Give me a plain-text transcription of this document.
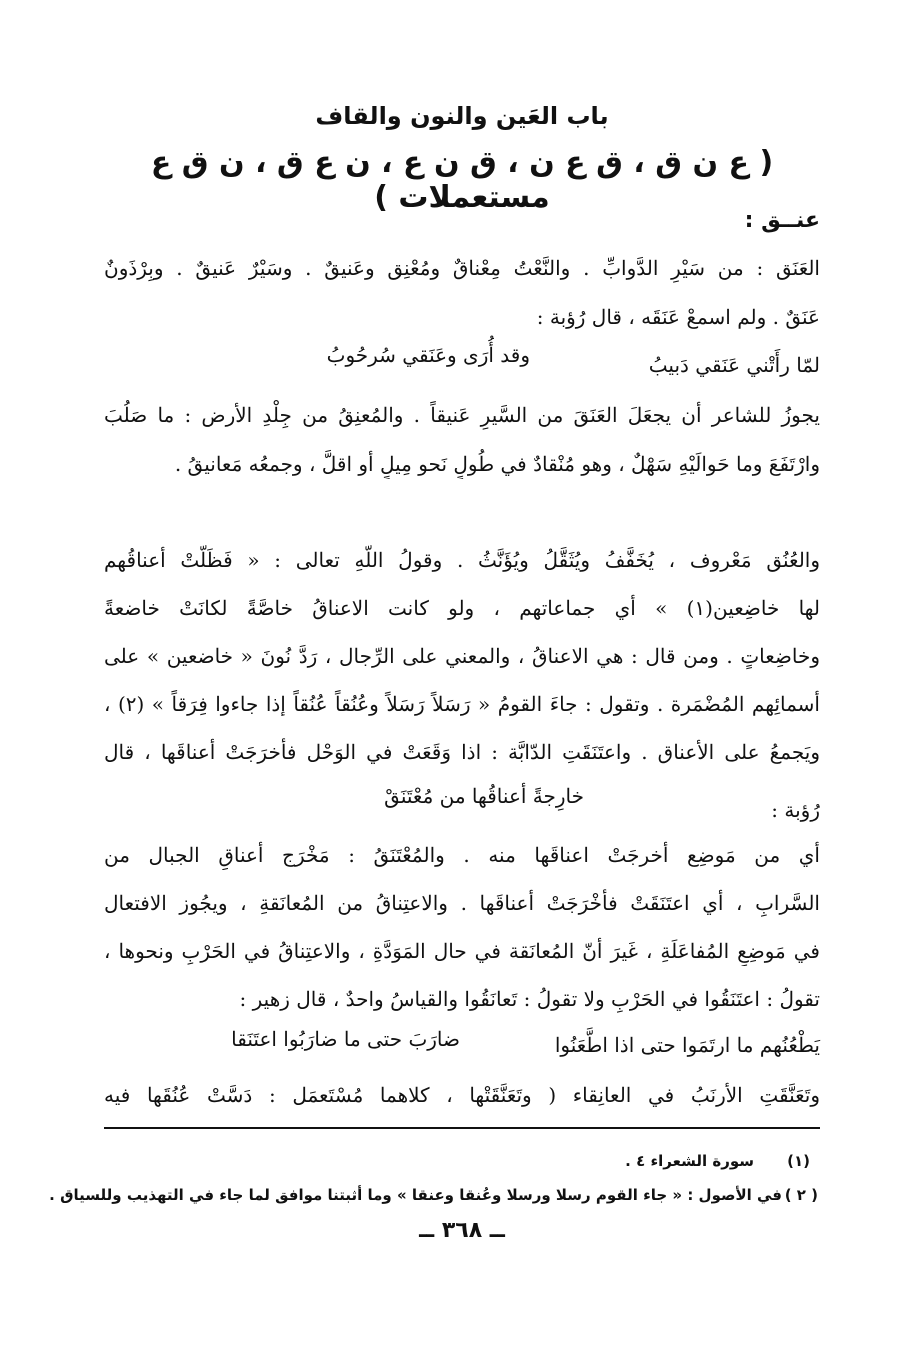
باب العَين والنون والقاف
( ع ن ق ، ق ع ن ، ق ن ع ، ن ع ق ، ن ق ع مستعملات )
عنــق :
العَنَق : من سَيْرِ الدَّوابِّ . والنَّعْتُ مِعْناقٌ ومُعْنِق وعَنيقٌ . وسَيْرٌ عَنيقٌ . وبِرْذَونٌ
عَنَقٌ . ولم اسمعْ عَنَقَه ، قال رُؤبة :
لمّا رأَتْني عَنَقي دَبيبُ
وقد أُرَى وعَنَقي سُرحُوبُ
يجوزُ للشاعر أن يجعَلَ العَنَقَ من السَّيرِ عَنيقاً . والمُعنِقُ من جِلْدِ الأرض : ما صَلُبَ
وارْتَفَعَ وما حَوالَيْهِ سَهْلٌ ، وهو مُنْقادٌ في طُولٍ نَحو مِيلٍ أو اقلَّ ، وجمعُه مَعانيقُ .
والعُنُق مَعْروف ، يُخَفَّفُ ويُثَقَّلُ ويُؤَنَّثُ . وقولُ اللّهِ تعالى : « فَظَلَّتْ أعناقُهم
لها خاضِعين(١) » أي جماعاتهم ، ولو كانت الاعناقُ خاصَّةً لكانَتْ خاضعةً
وخاضِعاتٍ . ومن قال : هي الاعناقُ ، والمعني على الرِّجال ، رَدَّ نُونَ « خاضعين » على
أسمائِهم المُضْمَرة . وتقول : جاءَ القومُ « رَسَلاً رَسَلاً وعُنُقاً عُنُقاً إذا جاءوا فِرَقاً » (٢) ،
ويَجمعُ على الأعناق . واعتَنَقَتِ الدّابَّة : اذا وَقَعَتْ في الوَحْل فأخرَجَتْ أعناقَها ، قال
رُؤبة :
خارِجةً أعناقُها من مُعْتَنَقْ
أي من مَوضِع أخرجَتْ اعناقَها منه . والمُعْتَنَقُ : مَخْرَج أعناقِ الجبال من
السَّرابِ ، أي اعتَنَقَتْ فأخْرَجَتْ أعناقَها . والاعتِناقُ من المُعانَقةِ ، ويجُوز الافتعال
في مَوضِعِ المُفاعَلَةِ ، غَيرَ أنّ المُعانَقة في حال المَوَدَّةِ ، والاعتِناقُ في الحَرْبِ ونحوها ،
تقولُ : اعتَنَقُوا في الحَرْبِ ولا تقولُ : تَعانَقُوا والقياسُ واحدٌ ، قال زهير :
يَطْعُنُهم ما ارتَمَوا حتى اذا اطَّعَنُوا
ضارَبَ حتى ما ضارَبُوا اعتَنَقا
وتَعَنَّقَتِ الأرنَبُ في العانِقاء ( وتَعَنَّقَتْها ، كلاهما مُسْتَعمَل : دَسَّتْ عُنُقَها فيه
(١)
سورة الشعراء ٤ .
( ٢ )
في الأصول : « جاء القوم رسلا ورسلا وعُنقا وعنقا » وما أثبتنا موافق لما جاء في التهذيب وللسياق .
ــ ٣٦٨ ــ
